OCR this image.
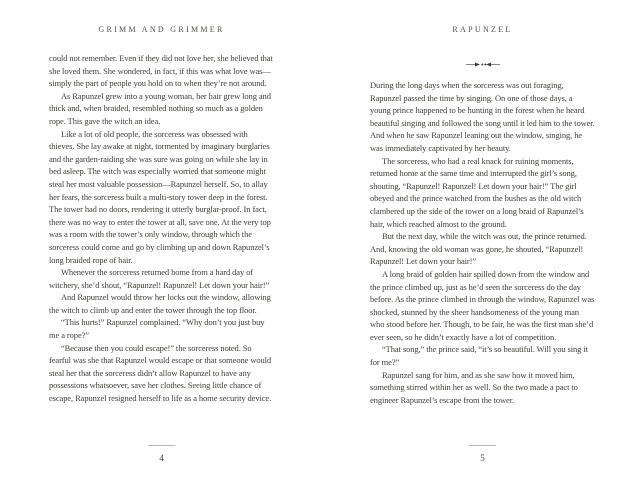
GRIMM AND GRIMMER

could not remember. Even if they did not love her, she believed that she loved them. She wondered, in fact, if this was what love was—simply the part of people you hold on to when they’re not around.

As Rapunzel grew into a young woman, her hair grew long and thick and, when braided, resembled nothing so much as a golden rope. This gave the witch an idea.

Like a lot of old people, the sorceress was obsessed with thieves. She lay awake at night, tormented by imaginary burglaries and the garden-raiding she was sure was going on while she lay in bed asleep. The witch was especially worried that someone might steal her most valuable possession—Rapunzel herself. So, to allay her fears, the sorceress built a multi-story tower deep in the forest. The tower had no doors, rendering it utterly burglar-proof. In fact, there was no way to enter the tower at all, save one. At the very top was a room with the tower’s only window, through which the sorceress could come and go by climbing up and down Rapunzel’s long braided rope of hair.

Whenever the sorceress returned home from a hard day of witchery, she’d shout, “Rapunzel! Rapunzel! Let down your hair!”

And Rapunzel would throw her locks out the window, allowing the witch to climb up and enter the tower through the top floor.

“This hurts!” Rapunzel complained. “Why don’t you just buy me a rope?”

“Because then you could escape!” the sorceress noted. So fearful was she that Rapunzel would escape or that someone would steal her that the sorceress didn’t allow Rapunzel to have any possessions whatsoever, save her clothes. Seeing little chance of escape, Rapunzel resigned herself to life as a home security device.

4
RAPUNZEL

During the long days when the sorceress was out foraging, Rapunzel passed the time by singing. On one of those days, a young prince happened to be hunting in the forest when he heard beautiful singing and followed the song until it led him to the tower. And when he saw Rapunzel leaning out the window, singing, he was immediately captivated by her beauty.

The sorceress, who had a real knack for ruining moments, returned home at the same time and interrupted the girl’s song, shouting, “Rapunzel! Rapunzel! Let down your hair!” The girl obeyed and the prince watched from the bushes as the old witch clambered up the side of the tower on a long braid of Rapunzel’s hair, which reached almost to the ground.

But the next day, while the witch was out, the prince returned. And, knowing the old woman was gone, he shouted, “Rapunzel! Rapunzel! Let down your hair!”

A long braid of golden hair spilled down from the window and the prince climbed up, just as he’d seen the sorceress do the day before. As the prince climbed in through the window, Rapunzel was shocked, stunned by the sheer handsomeness of the young man who stood before her. Though, to be fair, he was the first man she’d ever seen, so he didn’t exactly have a lot of competition.

“That song,” the prince said, “it’s so beautiful. Will you sing it for me?”

Rapunzel sang for him, and as she saw how it moved him, something stirred within her as well. So the two made a pact to engineer Rapunzel’s escape from the tower.

5
